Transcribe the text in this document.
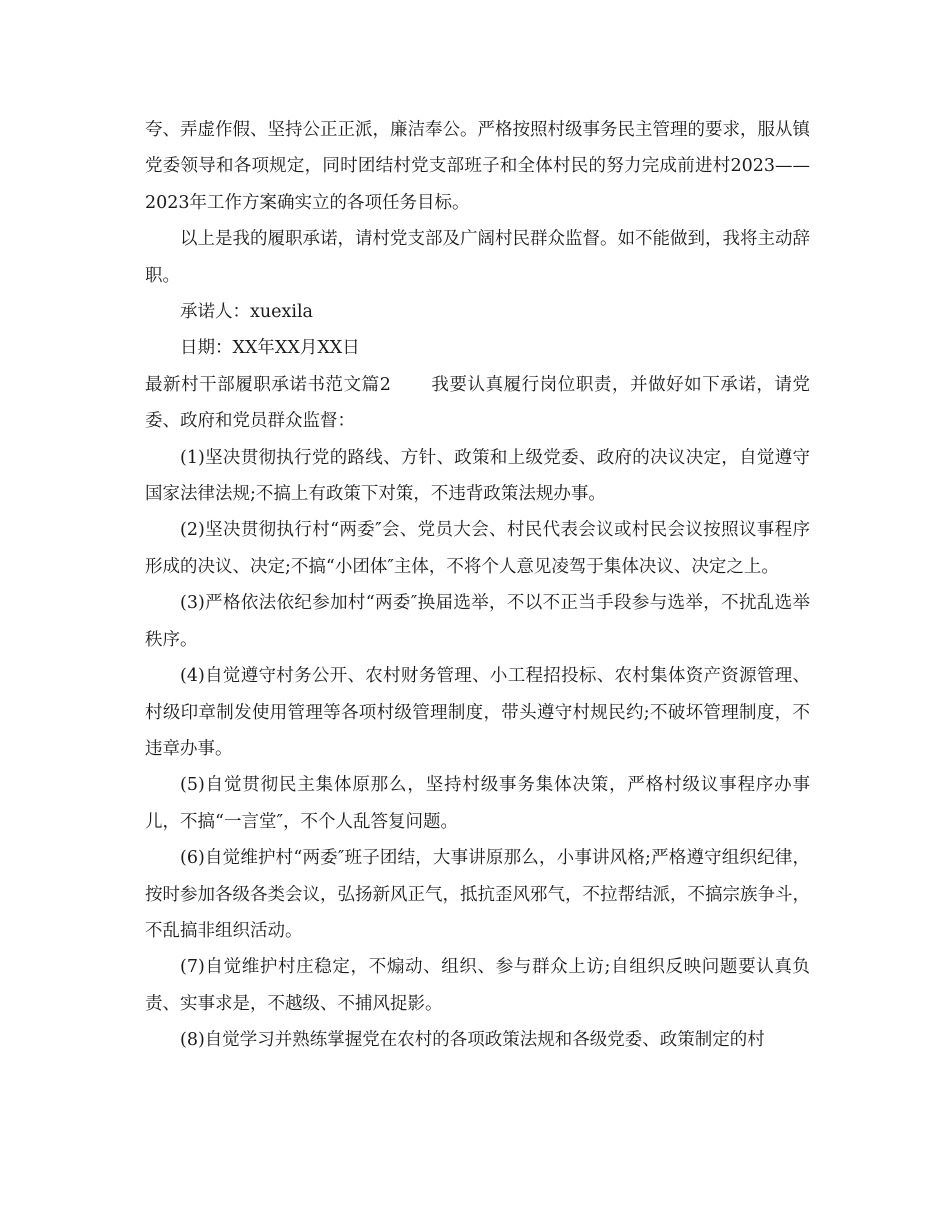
夸、弄虚作假、坚持公正正派，廉洁奉公。严格按照村级事务民主管理的要求，服从镇党委领导和各项规定，同时团结村党支部班子和全体村民的努力完成前进村2023——2023年工作方案确实立的各项任务目标。

以上是我的履职承诺，请村党支部及广阔村民群众监督。如不能做到，我将主动辞职。

承诺人：xuexila

日期：XX年XX月XX日

最新村干部履职承诺书范文篇2 我要认真履行岗位职责，并做好如下承诺，请党委、政府和党员群众监督：

(1)坚决贯彻执行党的路线、方针、政策和上级党委、政府的决议决定，自觉遵守国家法律法规;不搞上有政策下对策，不违背政策法规办事。

(2)坚决贯彻执行村“两委″会、党员大会、村民代表会议或村民会议按照议事程序形成的决议、决定;不搞“小团体″主体，不将个人意见凌驾于集体决议、决定之上。

(3)严格依法依纪参加村“两委″换届选举，不以不正当手段参与选举，不扰乱选举秩序。

(4)自觉遵守村务公开、农村财务管理、小工程招投标、农村集体资产资源管理、村级印章制发使用管理等各项村级管理制度，带头遵守村规民约;不破坏管理制度，不违章办事。

(5)自觉贯彻民主集体原那么，坚持村级事务集体决策，严格村级议事程序办事儿，不搞“一言堂″，不个人乱答复问题。

(6)自觉维护村“两委″班子团结，大事讲原那么，小事讲风格;严格遵守组织纪律，按时参加各级各类会议，弘扬新风正气，抵抗歪风邪气，不拉帮结派，不搞宗族争斗，不乱搞非组织活动。

(7)自觉维护村庄稳定，不煽动、组织、参与群众上访;自组织反映问题要认真负责、实事求是，不越级、不捕风捉影。

(8)自觉学习并熟练掌握党在农村的各项政策法规和各级党委、政策制定的村
